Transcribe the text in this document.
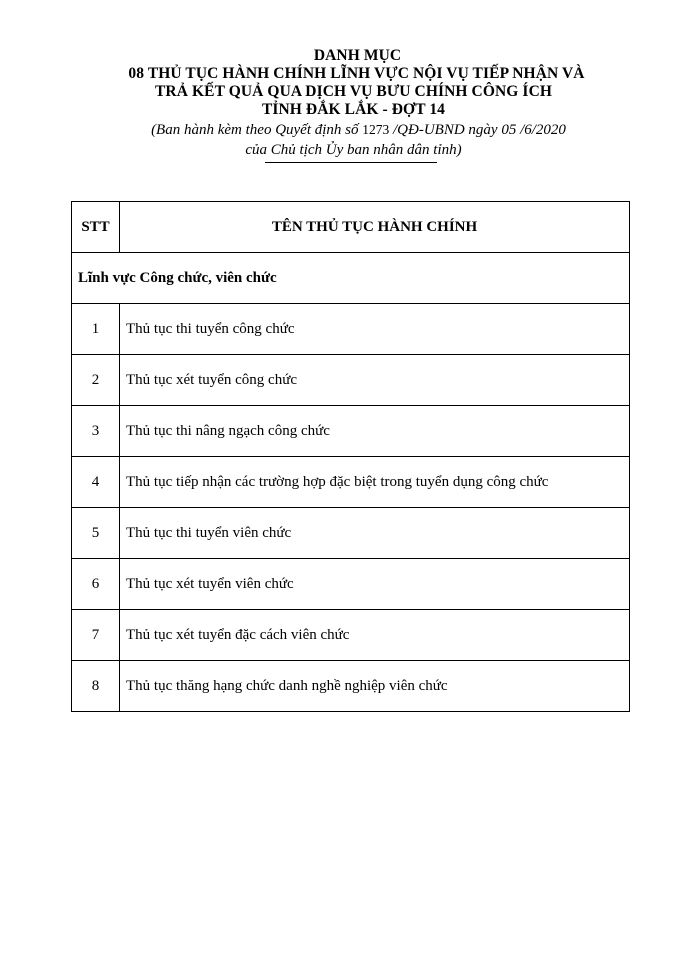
DANH MỤC
08 THỦ TỤC HÀNH CHÍNH LĨNH VỰC NỘI VỤ TIẾP NHẬN VÀ
TRẢ KẾT QUẢ QUA DỊCH VỤ BƯU CHÍNH CÔNG ÍCH
TỈNH ĐẮK LẮK - ĐỢT 14
(Ban hành kèm theo Quyết định số 1273 /QĐ-UBND ngày 05 /6/2020
của Chủ tịch Ủy ban nhân dân tỉnh)
STT	TÊN THỦ TỤC HÀNH CHÍNH
Lĩnh vực Công chức, viên chức	
1	Thủ tục thi tuyển công chức
2	Thủ tục xét tuyển công chức
3	Thủ tục thi nâng ngạch công chức
4	Thủ tục tiếp nhận các trường hợp đặc biệt trong tuyển dụng công chức
5	Thủ tục thi tuyển viên chức
6	Thủ tục xét tuyển viên chức
7	Thủ tục xét tuyển đặc cách viên chức
8	Thủ tục thăng hạng chức danh nghề nghiệp viên chức
